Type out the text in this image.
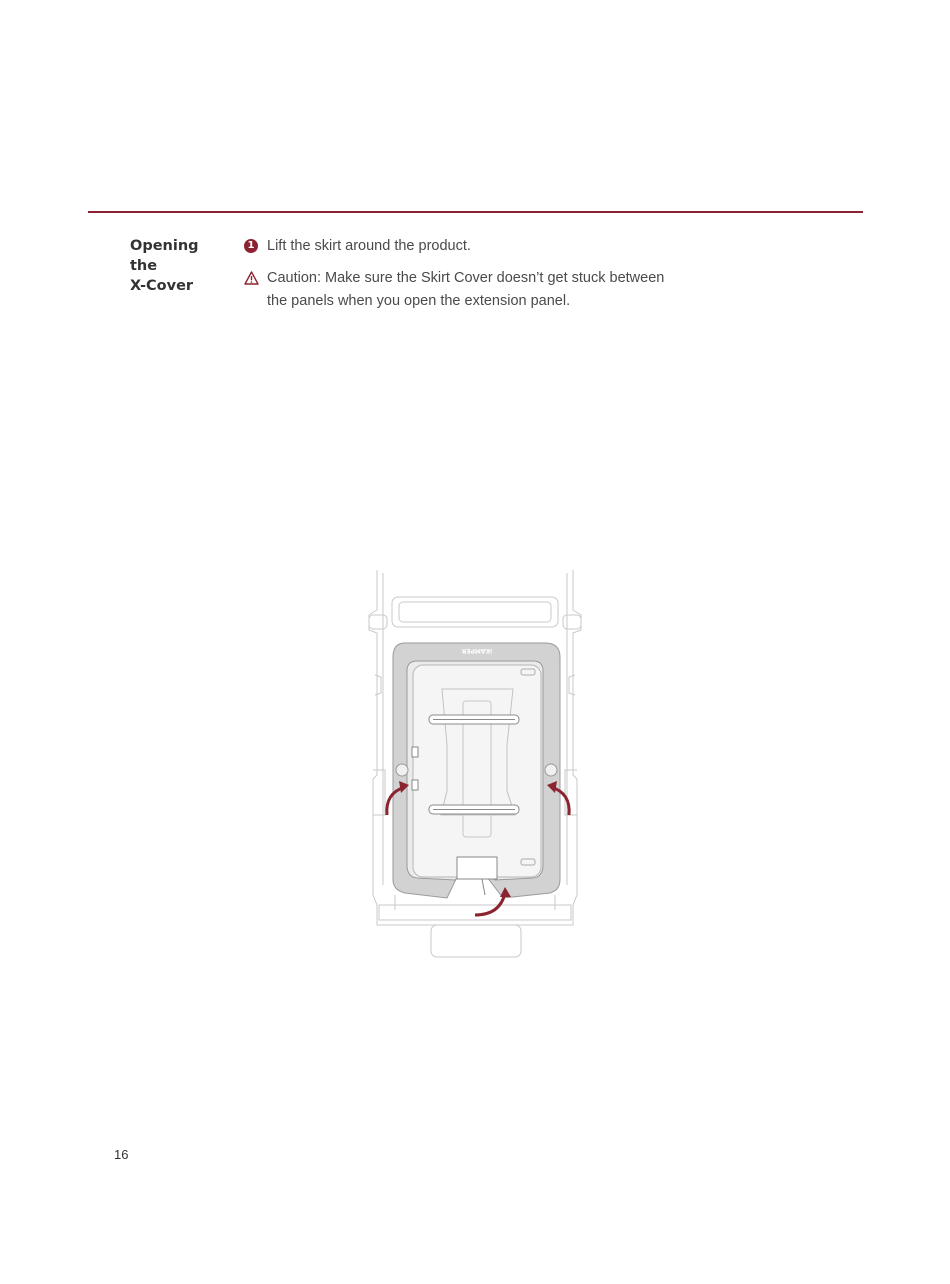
Opening
the
X-Cover
1 Lift the skirt around the product.
Caution: Make sure the Skirt Cover doesn’t get stuck between the panels when you open the extension panel.
iKAMPER
16
